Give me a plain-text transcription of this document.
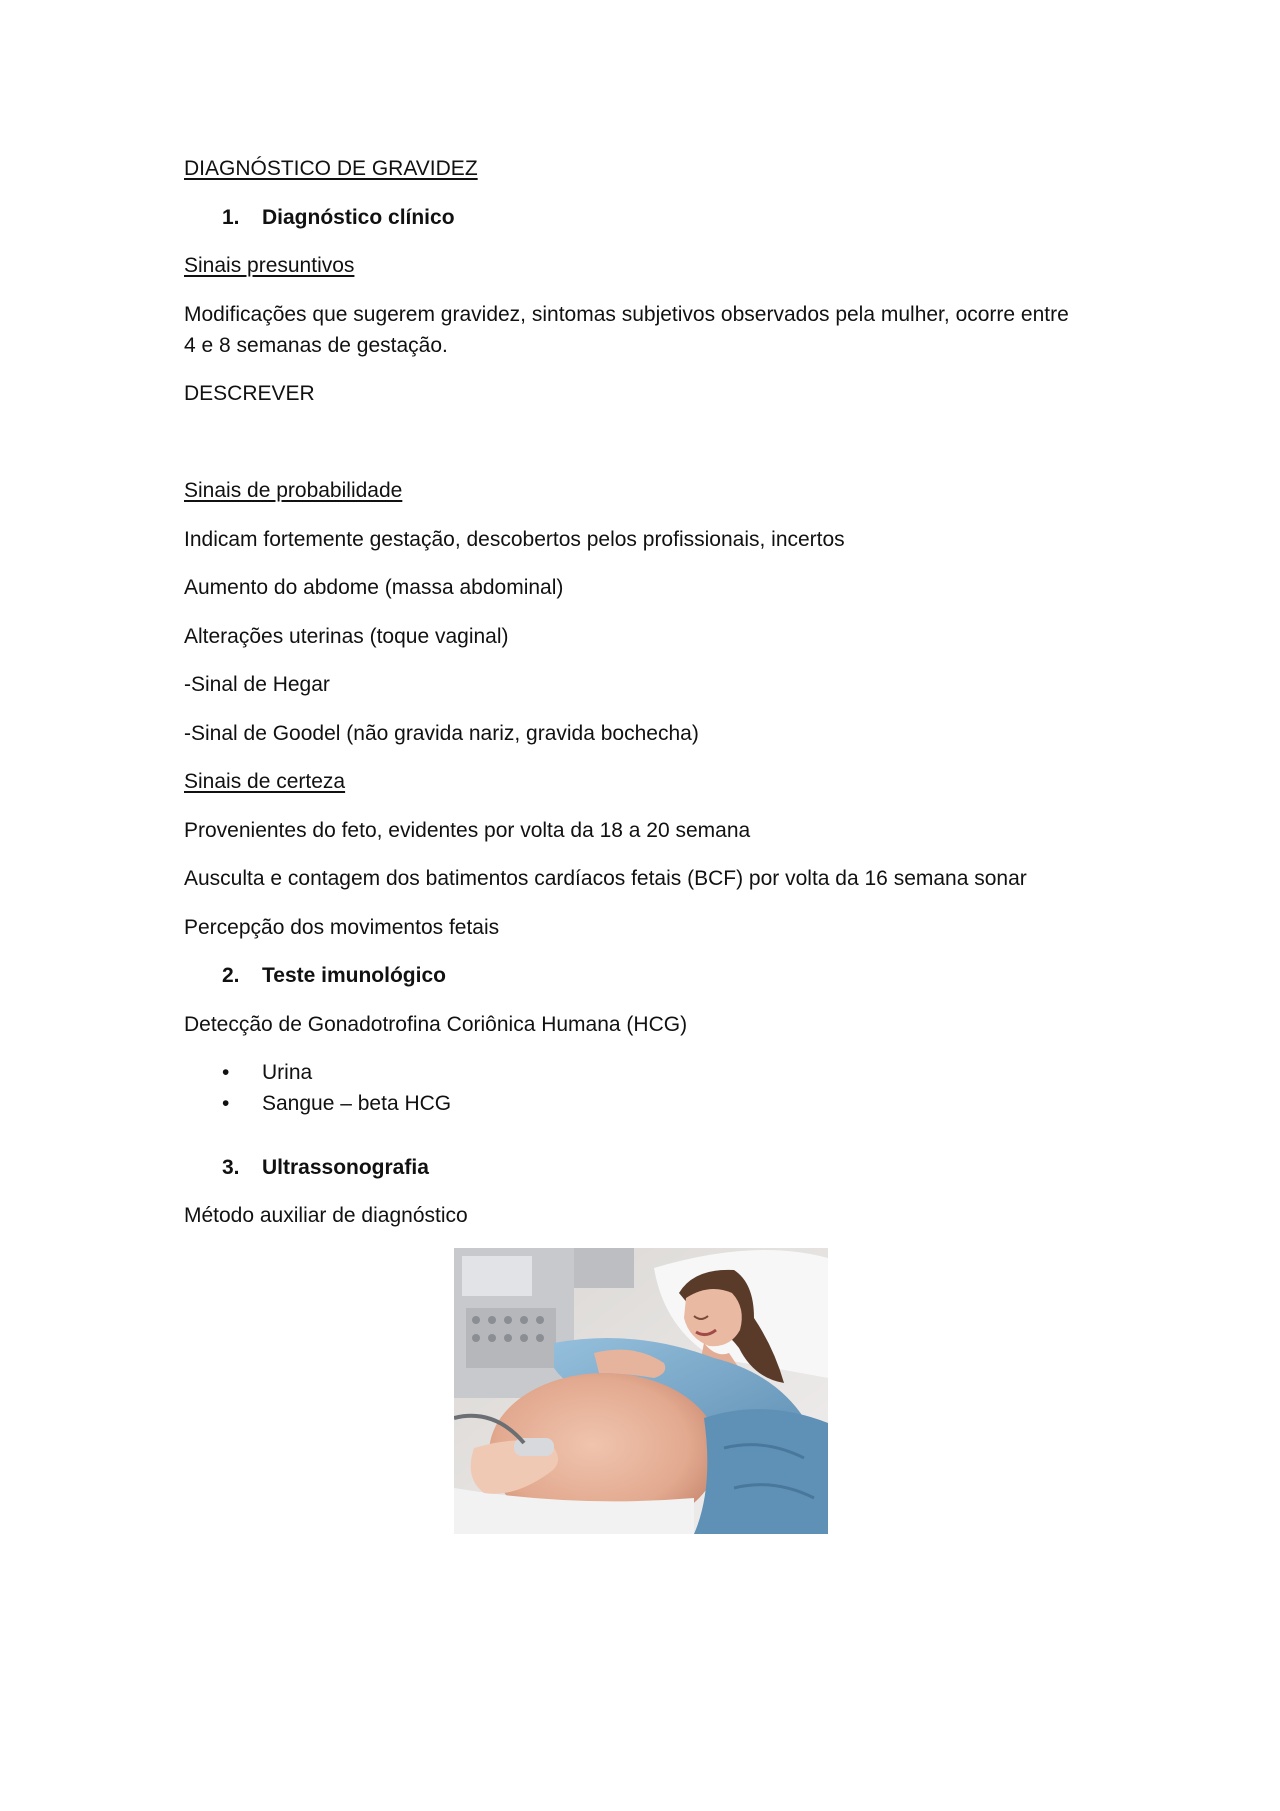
DIAGNÓSTICO DE GRAVIDEZ
1. Diagnóstico clínico
Sinais presuntivos
Modificações que sugerem gravidez, sintomas subjetivos observados pela mulher, ocorre entre
4 e 8 semanas de gestação.
DESCREVER
Sinais de probabilidade
Indicam fortemente gestação, descobertos pelos profissionais, incertos
Aumento do abdome (massa abdominal)
Alterações uterinas (toque vaginal)
-Sinal de Hegar
-Sinal de Goodel (não gravida nariz, gravida bochecha)
Sinais de certeza
Provenientes do feto, evidentes por volta da 18 a 20 semana
Ausculta e contagem dos batimentos cardíacos fetais (BCF) por volta da 16 semana sonar
Percepção dos movimentos fetais
2. Teste imunológico
Detecção de Gonadotrofina Coriônica Humana (HCG)
• Urina
• Sangue – beta HCG
3. Ultrassonografia
Método auxiliar de diagnóstico
